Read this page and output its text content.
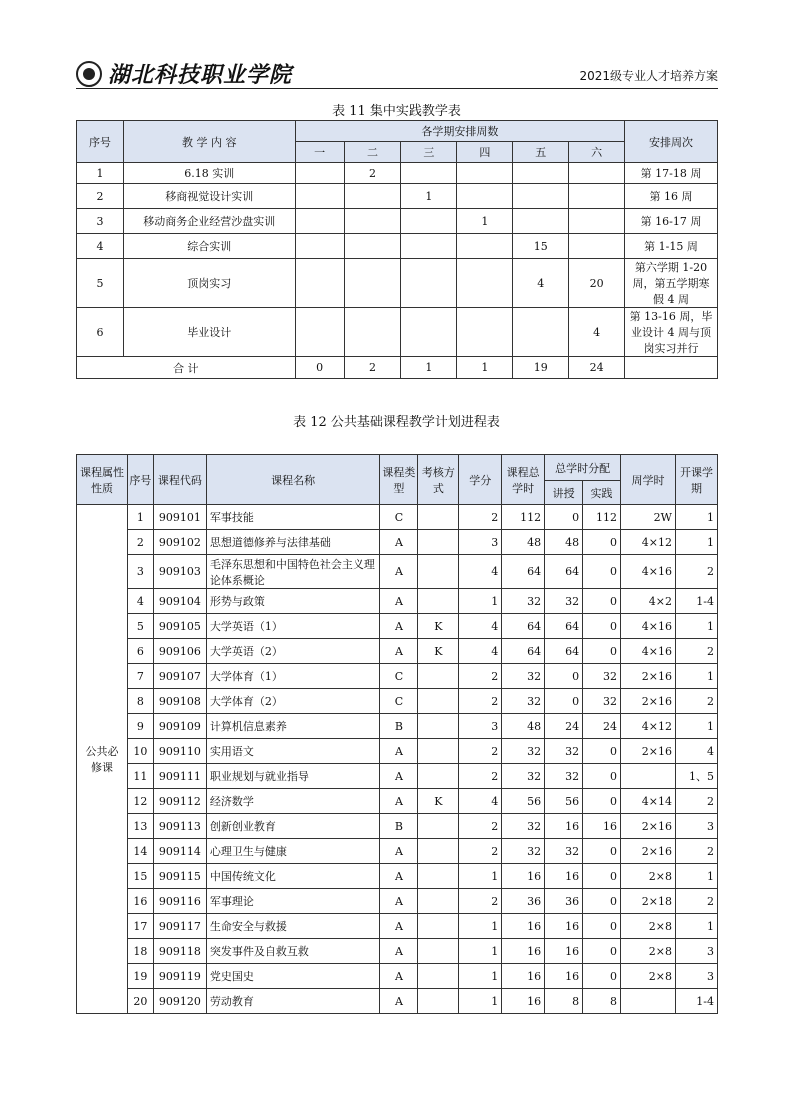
湖北科技职业学院	2021级专业人才培养方案
表 11 集中实践教学表
序号	教 学 内 容	各学期安排周数						安排周次
		一	二	三	四	五	六	
1	6.18 实训		2					第 17-18 周
2	移商视觉设计实训			1				第 16 周
3	移动商务企业经营沙盘实训				1			第 16-17 周
4	综合实训					15		第 1-15 周
5	顶岗实习					4	20	第六学期 1-20 周，第五学期寒假 4 周
6	毕业设计						4	第 13-16 周，毕业设计 4 周与顶岗实习并行
合 计		0	2	1	1	19	24	
表 12 公共基础课程教学计划进程表
课程属性性质	序号	课程代码	课程名称	课程类型	考核方式	学分	课程总学时	总学时分配		周学时	开课学期
								讲授	实践		
公共必修课	1	909101	军事技能	C		2	112	0	112	2W	1
	2	909102	思想道德修养与法律基础	A		3	48	48	0	4×12	1
	3	909103	毛泽东思想和中国特色社会主义理论体系概论	A		4	64	64	0	4×16	2
	4	909104	形势与政策	A		1	32	32	0	4×2	1-4
	5	909105	大学英语（1）	A	K	4	64	64	0	4×16	1
	6	909106	大学英语（2）	A	K	4	64	64	0	4×16	2
	7	909107	大学体育（1）	C		2	32	0	32	2×16	1
	8	909108	大学体育（2）	C		2	32	0	32	2×16	2
	9	909109	计算机信息素养	B		3	48	24	24	4×12	1
	10	909110	实用语文	A		2	32	32	0	2×16	4
	11	909111	职业规划与就业指导	A		2	32	32	0		1、5
	12	909112	经济数学	A	K	4	56	56	0	4×14	2
	13	909113	创新创业教育	B		2	32	16	16	2×16	3
	14	909114	心理卫生与健康	A		2	32	32	0	2×16	2
	15	909115	中国传统文化	A		1	16	16	0	2×8	1
	16	909116	军事理论	A		2	36	36	0	2×18	2
	17	909117	生命安全与救援	A		1	16	16	0	2×8	1
	18	909118	突发事件及自救互救	A		1	16	16	0	2×8	3
	19	909119	党史国史	A		1	16	16	0	2×8	3
	20	909120	劳动教育	A		1	16	8	8		1-4
